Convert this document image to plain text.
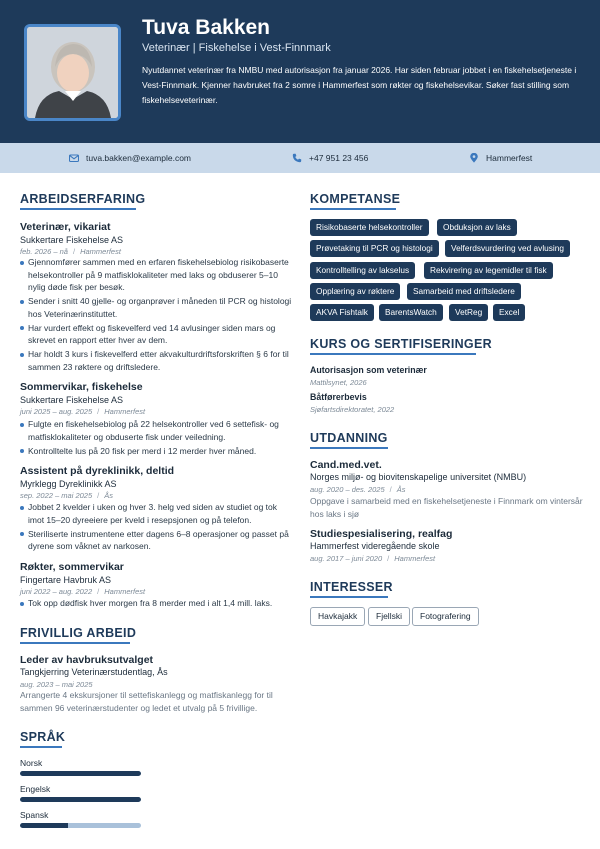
Tuva Bakken
Veterinær | Fiskehelse i Vest-Finnmark
Nyutdannet veterinær fra NMBU med autorisasjon fra januar 2026. Har siden februar jobbet i en fiskehelsetjeneste i Vest-Finnmark. Kjenner havbruket fra 2 somre i Hammerfest som røkter og fiskehelsevikar. Søker fast stilling som fiskehelseveterinær.
tuva.bakken@example.com	+47 951 23 456	Hammerfest
ARBEIDSERFARING
Veterinær, vikariat
Sukkertare Fiskehelse AS
feb. 2026 – nå / Hammerfest
Gjennomfører sammen med en erfaren fiskehelsebiolog risikobaserte helsekontroller på 9 matfisklokaliteter med laks og obduserer 5–10 nylig døde fisk per besøk.
Sender i snitt 40 gjelle- og organprøver i måneden til PCR og histologi hos Veterinærinstituttet.
Har vurdert effekt og fiskevelferd ved 14 avlusinger siden mars og skrevet en rapport etter hver av dem.
Har holdt 3 kurs i fiskevelferd etter akvakulturdriftsforskriften § 6 for til sammen 23 røktere og driftsledere.
Sommervikar, fiskehelse
Sukkertare Fiskehelse AS
juni 2025 – aug. 2025 / Hammerfest
Fulgte en fiskehelsebiolog på 22 helsekontroller ved 6 settefisk- og matfisklokaliteter og obduserte fisk under veiledning.
Kontrolltelte lus på 20 fisk per merd i 12 merder hver måned.
Assistent på dyreklinikk, deltid
Myrklegg Dyreklinikk AS
sep. 2022 – mai 2025 / Ås
Jobbet 2 kvelder i uken og hver 3. helg ved siden av studiet og tok imot 15–20 dyreeiere per kveld i resepsjonen og på telefon.
Steriliserte instrumentene etter dagens 6–8 operasjoner og passet på dyrene som våknet av narkosen.
Røkter, sommervikar
Fingertare Havbruk AS
juni 2022 – aug. 2022 / Hammerfest
Tok opp dødfisk hver morgen fra 8 merder med i alt 1,4 mill. laks.
FRIVILLIG ARBEID
Leder av havbruksutvalget
Tangkjerring Veterinærstudentlag, Ås
aug. 2023 – mai 2025
Arrangerte 4 ekskursjoner til settefiskanlegg og matfiskanlegg for til sammen 96 veterinærstudenter og ledet et utvalg på 5 frivillige.
SPRÅK
Norsk
Engelsk
Spansk
KOMPETANSE
Risikobaserte helsekontroller	Obduksjon av laks
Prøvetaking til PCR og histologi	Velferdsvurdering ved avlusing
Kontrolltelling av lakselus	Rekvirering av legemidler til fisk
Opplæring av røktere	Samarbeid med driftsledere
AKVA Fishtalk	BarentsWatch	VetReg	Excel
KURS OG SERTIFISERINGER
Autorisasjon som veterinær
Mattilsynet, 2026
Båtførerbevis
Sjøfartsdirektoratet, 2022
UTDANNING
Cand.med.vet.
Norges miljø- og biovitenskapelige universitet (NMBU)
aug. 2020 – des. 2025 / Ås
Oppgave i samarbeid med en fiskehelsetjeneste i Finnmark om vintersår hos laks i sjø
Studiespesialisering, realfag
Hammerfest videregående skole
aug. 2017 – juni 2020 / Hammerfest
INTERESSER
Havkajakk	Fjellski	Fotografering
